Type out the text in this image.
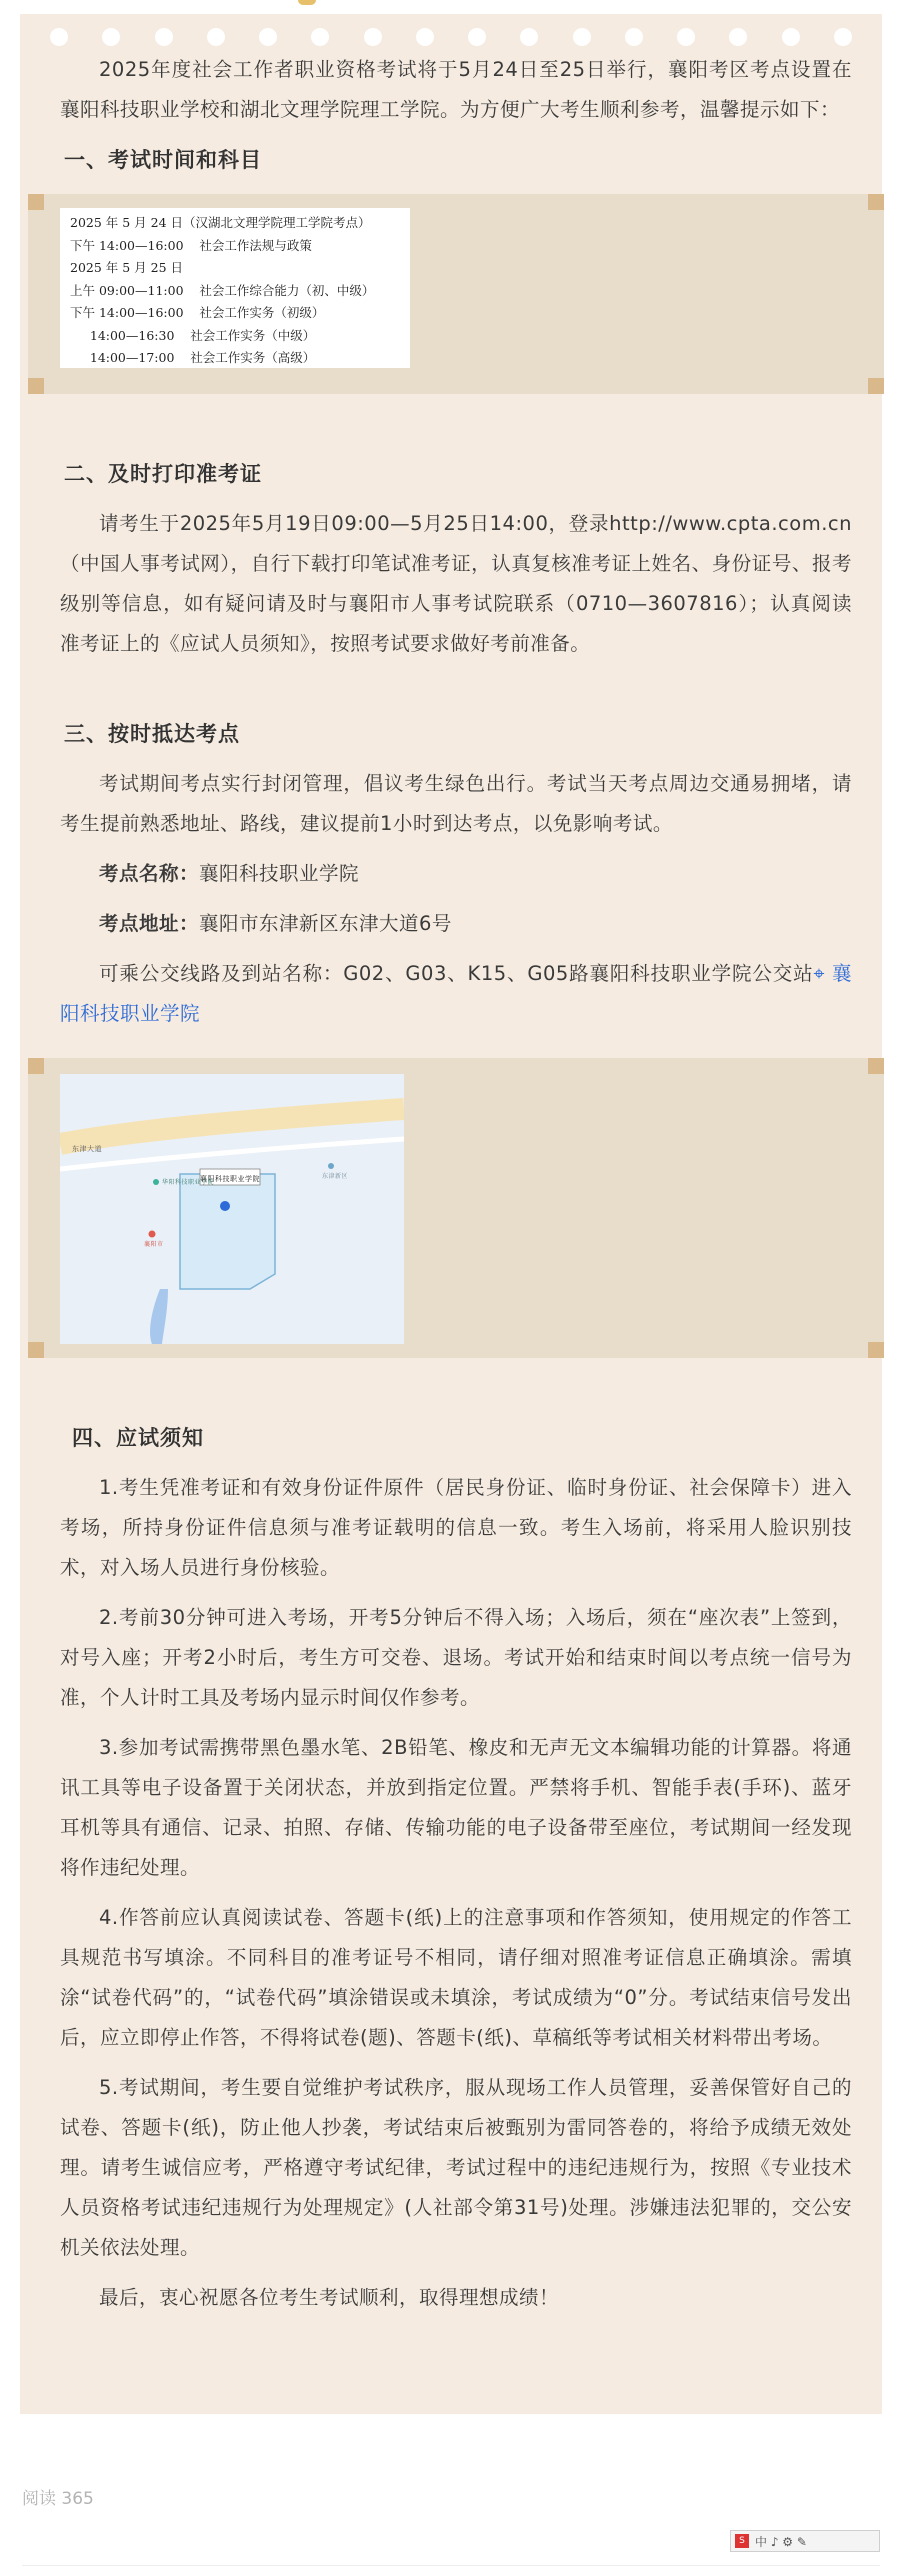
2025年度社会工作者职业资格考试将于5月24日至25日举行，襄阳考区考点设置在襄阳科技职业学校和湖北文理学院理工学院。为方便广大考生顺利参考，温馨提示如下：

一、考试时间和科目
2025 年 5 月 24 日（汉湖北文理学院理工学院考点）
下午 14:00—16:00    社会工作法规与政策
2025 年 5 月 25 日
上午 09:00—11:00    社会工作综合能力（初、中级）
下午 14:00—16:00    社会工作实务（初级）
14:00—16:30    社会工作实务（中级）
14:00—17:00    社会工作实务（高级）
二、及时打印准考证

请考生于2025年5月19日09:00—5月25日14:00，登录http://www.cpta.com.cn（中国人事考试网），自行下载打印笔试准考证，认真复核准考证上姓名、身份证号、报考级别等信息，如有疑问请及时与襄阳市人事考试院联系（0710—3607816）；认真阅读准考证上的《应试人员须知》，按照考试要求做好考前准备。

三、按时抵达考点

考试期间考点实行封闭管理，倡议考生绿色出行。考试当天考点周边交通易拥堵，请考生提前熟悉地址、路线，建议提前1小时到达考点，以免影响考试。

考点名称：襄阳科技职业学院

考点地址：襄阳市东津新区东津大道6号

可乘公交线路及到站名称：G02、G03、K15、G05路襄阳科技职业学院公交站⌖ 襄阳科技职业学院

襄阳科技职业学院
东津大道
华阳科技职业学院
东津新区
襄阳市
四、应试须知

1.考生凭准考证和有效身份证件原件（居民身份证、临时身份证、社会保障卡）进入考场，所持身份证件信息须与准考证载明的信息一致。考生入场前，将采用人脸识别技术，对入场人员进行身份核验。

2.考前30分钟可进入考场，开考5分钟后不得入场；入场后，须在“座次表”上签到，对号入座；开考2小时后，考生方可交卷、退场。考试开始和结束时间以考点统一信号为准，个人计时工具及考场内显示时间仅作参考。

3.参加考试需携带黑色墨水笔、2B铅笔、橡皮和无声无文本编辑功能的计算器。将通讯工具等电子设备置于关闭状态，并放到指定位置。严禁将手机、智能手表(手环)、蓝牙耳机等具有通信、记录、拍照、存储、传输功能的电子设备带至座位，考试期间一经发现将作违纪处理。

4.作答前应认真阅读试卷、答题卡(纸)上的注意事项和作答须知，使用规定的作答工具规范书写填涂。不同科目的准考证号不相同，请仔细对照准考证信息正确填涂。需填涂“试卷代码”的，“试卷代码”填涂错误或未填涂，考试成绩为“0”分。考试结束信号发出后，应立即停止作答，不得将试卷(题)、答题卡(纸)、草稿纸等考试相关材料带出考场。

5.考试期间，考生要自觉维护考试秩序，服从现场工作人员管理，妥善保管好自己的试卷、答题卡(纸)，防止他人抄袭，考试结束后被甄别为雷同答卷的，将给予成绩无效处理。请考生诚信应考，严格遵守考试纪律，考试过程中的违纪违规行为，按照《专业技术人员资格考试违纪违规行为处理规定》(人社部令第31号)处理。涉嫌违法犯罪的，交公安机关依法处理。

最后，衷心祝愿各位考生考试顺利，取得理想成绩！

阅读 365
S 中 ♪ ⚙ ✎
